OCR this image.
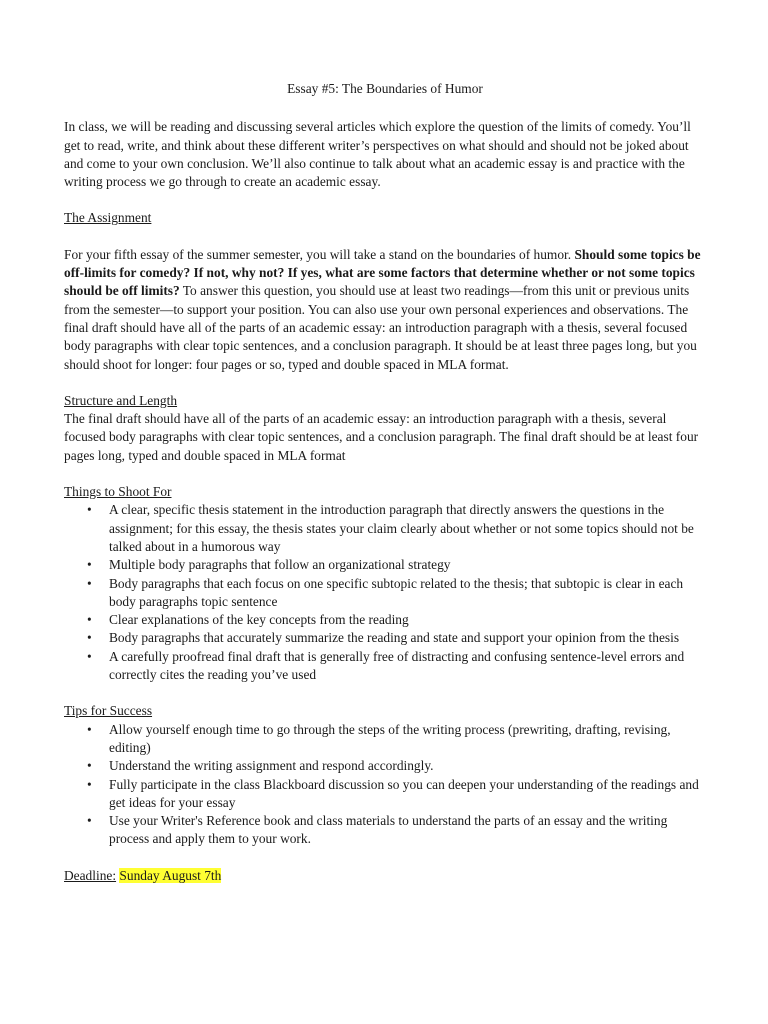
Essay #5: The Boundaries of Humor

In class, we will be reading and discussing several articles which explore the question of the limits of comedy. You’ll get to read, write, and think about these different writer’s perspectives on what should and should not be joked about and come to your own conclusion. We’ll also continue to talk about what an academic essay is and practice with the writing process we go through to create an academic essay.

The Assignment

For your fifth essay of the summer semester, you will take a stand on the boundaries of humor. Should some topics be off-limits for comedy? If not, why not? If yes, what are some factors that determine whether or not some topics should be off limits? To answer this question, you should use at least two readings—from this unit or previous units from the semester—to support your position. You can also use your own personal experiences and observations. The final draft should have all of the parts of an academic essay: an introduction paragraph with a thesis, several focused body paragraphs with clear topic sentences, and a conclusion paragraph. It should be at least three pages long, but you should shoot for longer: four pages or so, typed and double spaced in MLA format.

Structure and Length

The final draft should have all of the parts of an academic essay: an introduction paragraph with a thesis, several focused body paragraphs with clear topic sentences, and a conclusion paragraph. The final draft should be at least four pages long, typed and double spaced in MLA format

Things to Shoot For
• A clear, specific thesis statement in the introduction paragraph that directly answers the questions in the assignment; for this essay, the thesis states your claim clearly about whether or not some topics should not be talked about in a humorous way
• Multiple body paragraphs that follow an organizational strategy
• Body paragraphs that each focus on one specific subtopic related to the thesis; that subtopic is clear in each body paragraphs topic sentence
• Clear explanations of the key concepts from the reading
• Body paragraphs that accurately summarize the reading and state and support your opinion from the thesis
• A carefully proofread final draft that is generally free of distracting and confusing sentence-level errors and correctly cites the reading you’ve used
Tips for Success
• Allow yourself enough time to go through the steps of the writing process (prewriting, drafting, revising, editing)
• Understand the writing assignment and respond accordingly.
• Fully participate in the class Blackboard discussion so you can deepen your understanding of the readings and get ideas for your essay
• Use your Writer's Reference book and class materials to understand the parts of an essay and the writing process and apply them to your work.

Deadline: Sunday August 7th
